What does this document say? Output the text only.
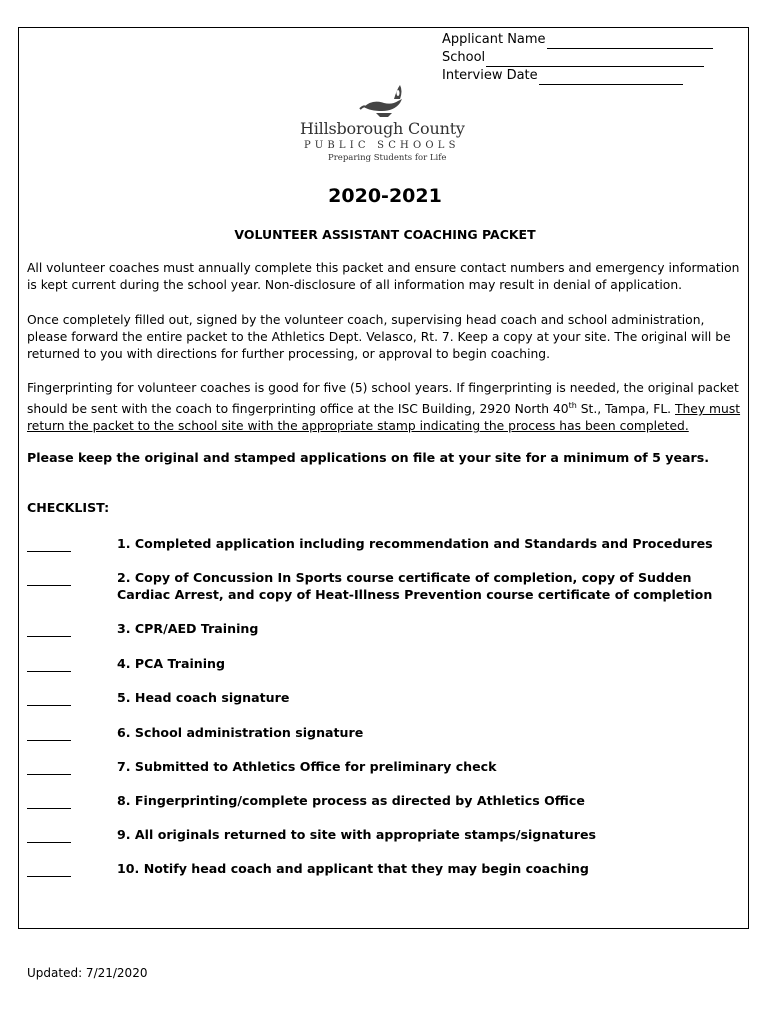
Applicant Name
School
Interview Date
Hillsborough County
PUBLIC SCHOOLS
Preparing Students for Life
2020-2021
VOLUNTEER ASSISTANT COACHING PACKET
All volunteer coaches must annually complete this packet and ensure contact numbers and emergency information is kept current during the school year. Non-disclosure of all information may result in denial of application.
Once completely filled out, signed by the volunteer coach, supervising head coach and school administration, please forward the entire packet to the Athletics Dept. Velasco, Rt. 7. Keep a copy at your site. The original will be returned to you with directions for further processing, or approval to begin coaching.
Fingerprinting for volunteer coaches is good for five (5) school years. If fingerprinting is needed, the original packet should be sent with the coach to fingerprinting office at the ISC Building, 2920 North 40th St., Tampa, FL. They must return the packet to the school site with the appropriate stamp indicating the process has been completed.
Please keep the original and stamped applications on file at your site for a minimum of 5 years.
CHECKLIST:
1. Completed application including recommendation and Standards and Procedures
2. Copy of Concussion In Sports course certificate of completion, copy of Sudden Cardiac Arrest, and copy of Heat-Illness Prevention course certificate of completion
3. CPR/AED Training
4. PCA Training
5. Head coach signature
6. School administration signature
7. Submitted to Athletics Office for preliminary check
8. Fingerprinting/complete process as directed by Athletics Office
9. All originals returned to site with appropriate stamps/signatures
10. Notify head coach and applicant that they may begin coaching
Updated: 7/21/2020
